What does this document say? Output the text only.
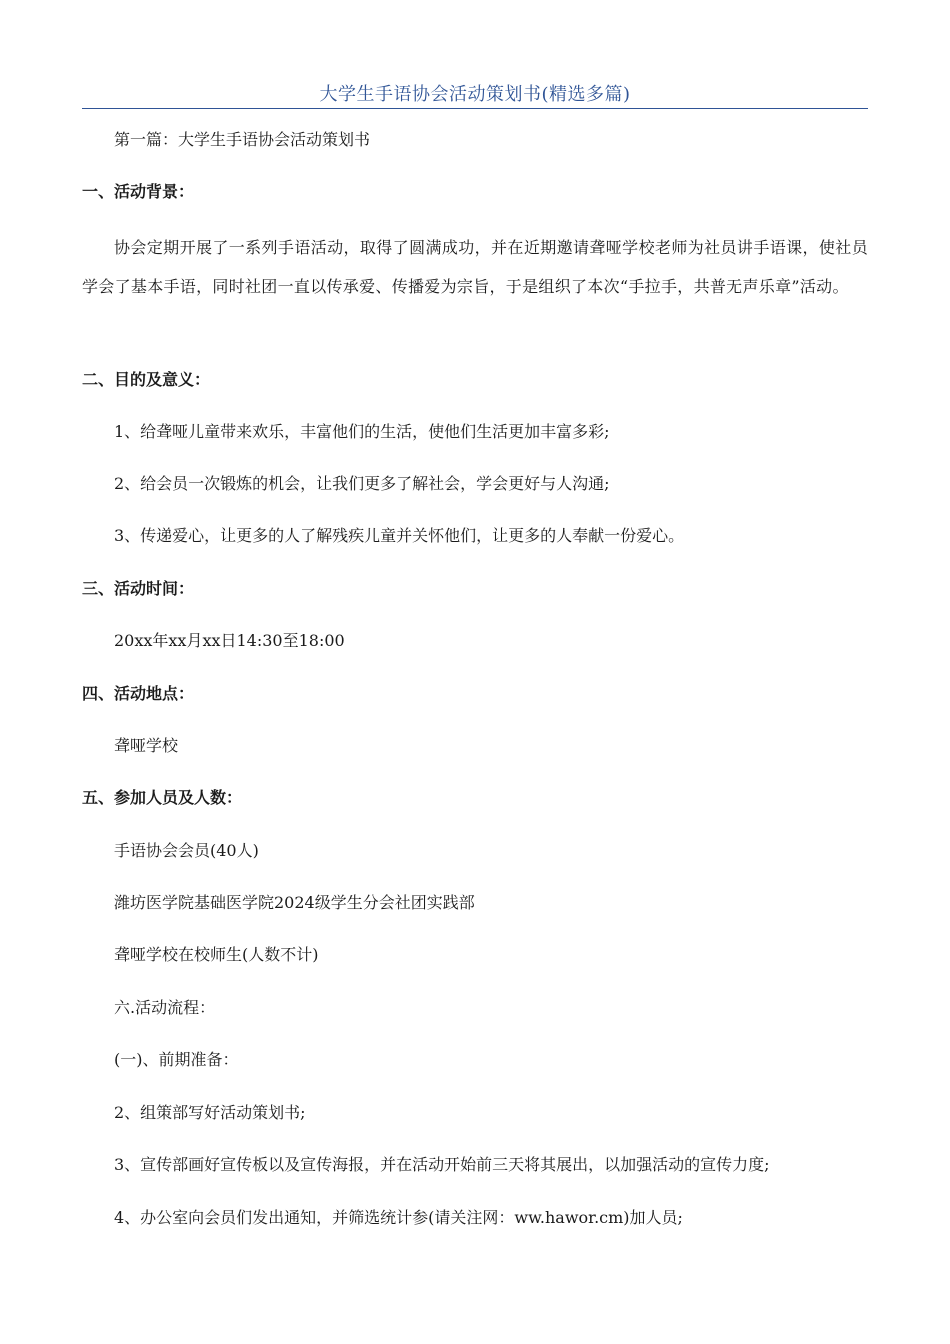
大学生手语协会活动策划书(精选多篇)
第一篇：大学生手语协会活动策划书
一、活动背景：
协会定期开展了一系列手语活动，取得了圆满成功，并在近期邀请聋哑学校老师为社员讲手语课，使社员学会了基本手语，同时社团一直以传承爱、传播爱为宗旨，于是组织了本次“手拉手，共普无声乐章”活动。
二、目的及意义：
1、给聋哑儿童带来欢乐，丰富他们的生活，使他们生活更加丰富多彩;
2、给会员一次锻炼的机会，让我们更多了解社会，学会更好与人沟通;
3、传递爱心，让更多的人了解残疾儿童并关怀他们，让更多的人奉献一份爱心。
三、活动时间：
20xx年xx月xx日14:30至18:00
四、活动地点：
聋哑学校
五、参加人员及人数：
手语协会会员(40人)
潍坊医学院基础医学院2024级学生分会社团实践部
聋哑学校在校师生(人数不计)
六.活动流程：
(一)、前期准备：
2、组策部写好活动策划书;
3、宣传部画好宣传板以及宣传海报，并在活动开始前三天将其展出，以加强活动的宣传力度;
4、办公室向会员们发出通知，并筛选统计参(请关注网：ww.hawor.cm)加人员;
